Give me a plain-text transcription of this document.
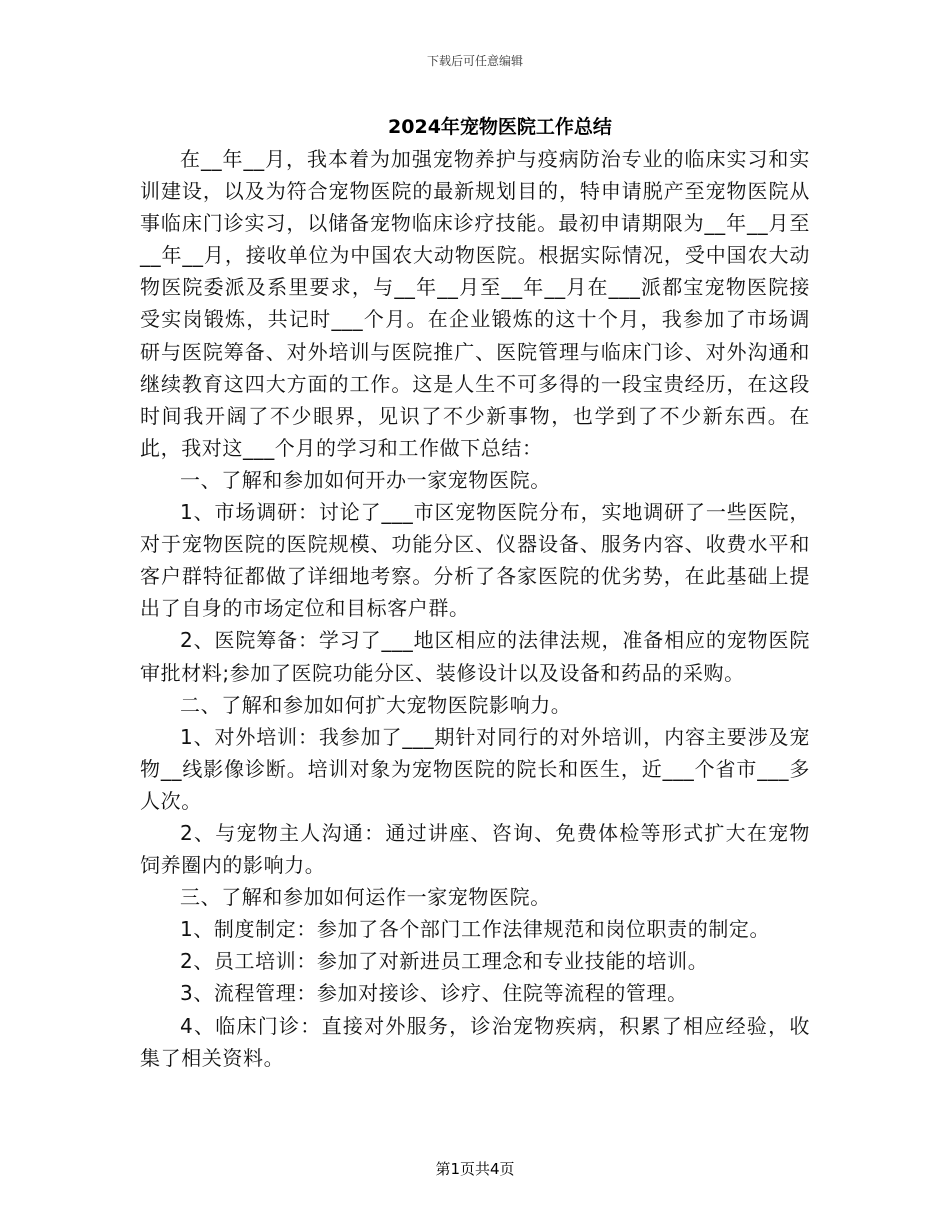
下载后可任意编辑
2024年宠物医院工作总结

在__年__月，我本着为加强宠物养护与疫病防治专业的临床实习和实训建设，以及为符合宠物医院的最新规划目的，特申请脱产至宠物医院从事临床门诊实习，以储备宠物临床诊疗技能。最初申请期限为__年__月至__年__月，接收单位为中国农大动物医院。根据实际情况，受中国农大动物医院委派及系里要求，与__年__月至__年__月在___派都宝宠物医院接受实岗锻炼，共记时___个月。在企业锻炼的这十个月，我参加了市场调研与医院筹备、对外培训与医院推广、医院管理与临床门诊、对外沟通和继续教育这四大方面的工作。这是人生不可多得的一段宝贵经历，在这段时间我开阔了不少眼界，见识了不少新事物，也学到了不少新东西。在此，我对这___个月的学习和工作做下总结：

一、了解和参加如何开办一家宠物医院。

1、市场调研：讨论了___市区宠物医院分布，实地调研了一些医院，对于宠物医院的医院规模、功能分区、仪器设备、服务内容、收费水平和客户群特征都做了详细地考察。分析了各家医院的优劣势，在此基础上提出了自身的市场定位和目标客户群。

2、医院筹备：学习了___地区相应的法律法规，准备相应的宠物医院审批材料;参加了医院功能分区、装修设计以及设备和药品的采购。

二、了解和参加如何扩大宠物医院影响力。

1、对外培训：我参加了___期针对同行的对外培训，内容主要涉及宠物__线影像诊断。培训对象为宠物医院的院长和医生，近___个省市___多人次。

2、与宠物主人沟通：通过讲座、咨询、免费体检等形式扩大在宠物饲养圈内的影响力。

三、了解和参加如何运作一家宠物医院。

1、制度制定：参加了各个部门工作法律规范和岗位职责的制定。

2、员工培训：参加了对新进员工理念和专业技能的培训。

3、流程管理：参加对接诊、诊疗、住院等流程的管理。

4、临床门诊：直接对外服务，诊治宠物疾病，积累了相应经验，收集了相关资料。

第1页共4页
